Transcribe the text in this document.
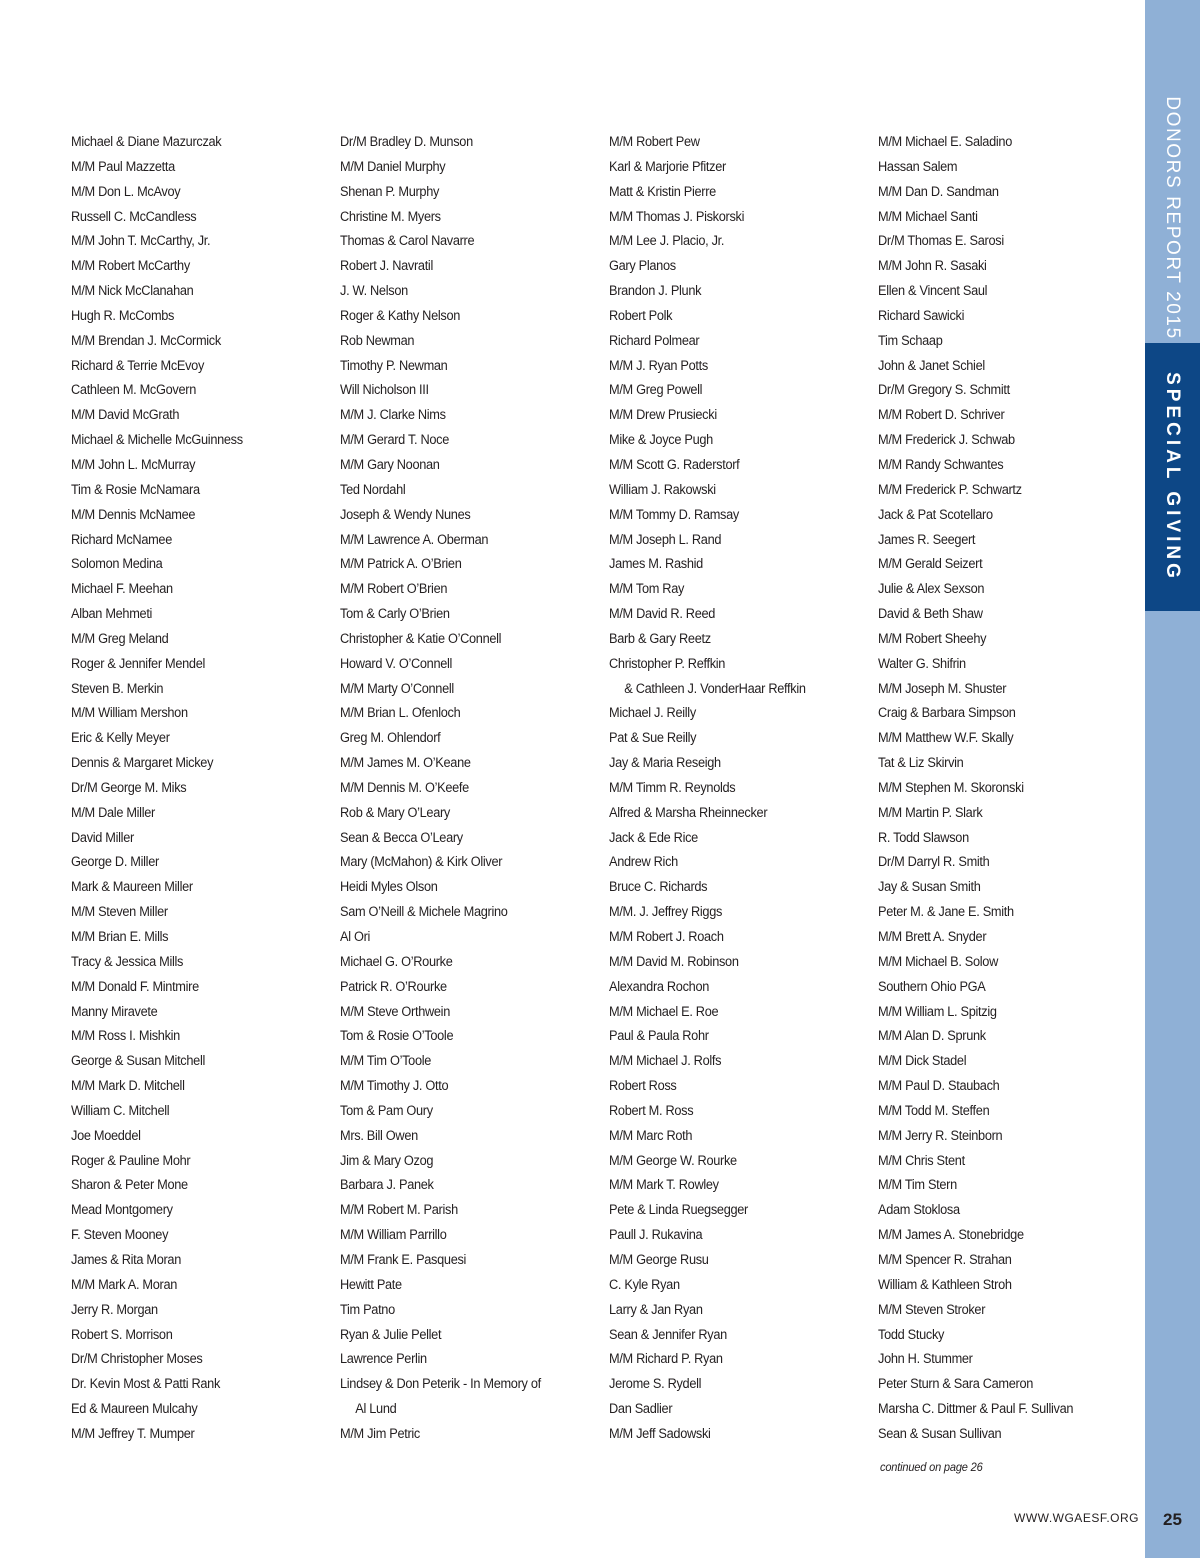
Michael & Diane Mazurczak
M/M Paul Mazzetta
M/M Don L. McAvoy
Russell C. McCandless
M/M John T. McCarthy, Jr.
M/M Robert McCarthy
M/M Nick McClanahan
Hugh R. McCombs
M/M Brendan J. McCormick
Richard & Terrie McEvoy
Cathleen M. McGovern
M/M David McGrath
Michael & Michelle McGuinness
M/M John L. McMurray
Tim & Rosie McNamara
M/M Dennis McNamee
Richard McNamee
Solomon Medina
Michael F. Meehan
Alban Mehmeti
M/M Greg Meland
Roger & Jennifer Mendel
Steven B. Merkin
M/M William Mershon
Eric & Kelly Meyer
Dennis & Margaret Mickey
Dr/M George M. Miks
M/M Dale Miller
David Miller
George D. Miller
Mark & Maureen Miller
M/M Steven Miller
M/M Brian E. Mills
Tracy & Jessica Mills
M/M Donald F. Mintmire
Manny Miravete
M/M Ross I. Mishkin
George & Susan Mitchell
M/M Mark D. Mitchell
William C. Mitchell
Joe Moeddel
Roger & Pauline Mohr
Sharon & Peter Mone
Mead Montgomery
F. Steven Mooney
James & Rita Moran
M/M Mark A. Moran
Jerry R. Morgan
Robert S. Morrison
Dr/M Christopher Moses
Dr. Kevin Most & Patti Rank
Ed & Maureen Mulcahy
M/M Jeffrey T. Mumper
Dr/M Bradley D. Munson
M/M Daniel Murphy
Shenan P. Murphy
Christine M. Myers
Thomas & Carol Navarre
Robert J. Navratil
J. W. Nelson
Roger & Kathy Nelson
Rob Newman
Timothy P. Newman
Will Nicholson III
M/M J. Clarke Nims
M/M Gerard T. Noce
M/M Gary Noonan
Ted Nordahl
Joseph & Wendy Nunes
M/M Lawrence A. Oberman
M/M Patrick A. O’Brien
M/M Robert O’Brien
Tom & Carly O’Brien
Christopher & Katie O’Connell
Howard V. O’Connell
M/M Marty O’Connell
M/M Brian L. Ofenloch
Greg M. Ohlendorf
M/M James M. O’Keane
M/M Dennis M. O’Keefe
Rob & Mary O’Leary
Sean & Becca O’Leary
Mary (McMahon) & Kirk Oliver
Heidi Myles Olson
Sam O’Neill & Michele Magrino
Al Ori
Michael G. O’Rourke
Patrick R. O’Rourke
M/M Steve Orthwein
Tom & Rosie O’Toole
M/M Tim O’Toole
M/M Timothy J. Otto
Tom & Pam Oury
Mrs. Bill Owen
Jim & Mary Ozog
Barbara J. Panek
M/M Robert M. Parish
M/M William Parrillo
M/M Frank E. Pasquesi
Hewitt Pate
Tim Patno
Ryan & Julie Pellet
Lawrence Perlin
Lindsey & Don Peterik - In Memory of
Al Lund
M/M Jim Petric
M/M Robert Pew
Karl & Marjorie Pfitzer
Matt & Kristin Pierre
M/M Thomas J. Piskorski
M/M Lee J. Placio, Jr.
Gary Planos
Brandon J. Plunk
Robert Polk
Richard Polmear
M/M J. Ryan Potts
M/M Greg Powell
M/M Drew Prusiecki
Mike & Joyce Pugh
M/M Scott G. Raderstorf
William J. Rakowski
M/M Tommy D. Ramsay
M/M Joseph L. Rand
James M. Rashid
M/M Tom Ray
M/M David R. Reed
Barb & Gary Reetz
Christopher P. Reffkin
& Cathleen J. VonderHaar Reffkin
Michael J. Reilly
Pat & Sue Reilly
Jay & Maria Reseigh
M/M Timm R. Reynolds
Alfred & Marsha Rheinnecker
Jack & Ede Rice
Andrew Rich
Bruce C. Richards
M/M. J. Jeffrey Riggs
M/M Robert J. Roach
M/M David M. Robinson
Alexandra Rochon
M/M Michael E. Roe
Paul & Paula Rohr
M/M Michael J. Rolfs
Robert Ross
Robert M. Ross
M/M Marc Roth
M/M George W. Rourke
M/M Mark T. Rowley
Pete & Linda Ruegsegger
Paull J. Rukavina
M/M George Rusu
C. Kyle Ryan
Larry & Jan Ryan
Sean & Jennifer Ryan
M/M Richard P. Ryan
Jerome S. Rydell
Dan Sadlier
M/M Jeff Sadowski
M/M Michael E. Saladino
Hassan Salem
M/M Dan D. Sandman
M/M Michael Santi
Dr/M Thomas E. Sarosi
M/M John R. Sasaki
Ellen & Vincent Saul
Richard Sawicki
Tim Schaap
John & Janet Schiel
Dr/M Gregory S. Schmitt
M/M Robert D. Schriver
M/M Frederick J. Schwab
M/M Randy Schwantes
M/M Frederick P. Schwartz
Jack & Pat Scotellaro
James R. Seegert
M/M Gerald Seizert
Julie & Alex Sexson
David & Beth Shaw
M/M Robert Sheehy
Walter G. Shifrin
M/M Joseph M. Shuster
Craig & Barbara Simpson
M/M Matthew W.F. Skally
Tat & Liz Skirvin
M/M Stephen M. Skoronski
M/M Martin P. Slark
R. Todd Slawson
Dr/M Darryl R. Smith
Jay & Susan Smith
Peter M. & Jane E. Smith
M/M Brett A. Snyder
M/M Michael B. Solow
Southern Ohio PGA
M/M William L. Spitzig
M/M Alan D. Sprunk
M/M Dick Stadel
M/M Paul D. Staubach
M/M Todd M. Steffen
M/M Jerry R. Steinborn
M/M Chris Stent
M/M Tim Stern
Adam Stoklosa
M/M James A. Stonebridge
M/M Spencer R. Strahan
William & Kathleen Stroh
M/M Steven Stroker
Todd Stucky
John H. Stummer
Peter Sturn & Sara Cameron
Marsha C. Dittmer & Paul F. Sullivan
Sean & Susan Sullivan
continued on page 26
WWW.WGAESF.ORG
DONORS REPORT 2015
SPECIAL GIVING
25
